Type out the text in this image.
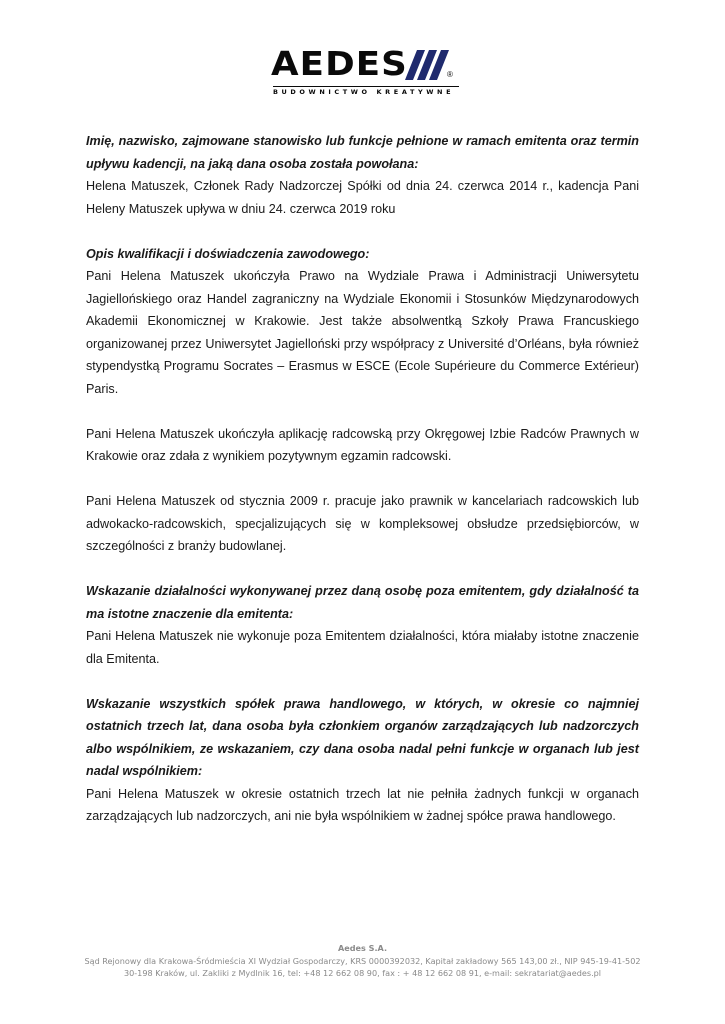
AEDES	®
BUDOWNICTWO KREATYWNE

Imię, nazwisko, zajmowane stanowisko lub funkcje pełnione w ramach emitenta oraz termin upływu kadencji, na jaką dana osoba została powołana:

Helena Matuszek, Członek Rady Nadzorczej Spółki od dnia 24. czerwca 2014 r., kadencja Pani Heleny Matuszek upływa w dniu 24. czerwca 2019 roku

Opis kwalifikacji i doświadczenia zawodowego:

Pani Helena Matuszek ukończyła Prawo na Wydziale Prawa i Administracji Uniwersytetu Jagiellońskiego oraz Handel zagraniczny na Wydziale Ekonomii i Stosunków Międzynarodowych Akademii Ekonomicznej w Krakowie. Jest także absolwentką Szkoły Prawa Francuskiego organizowanej przez Uniwersytet Jagielloński przy współpracy z Université d’Orléans, była również stypendystką Programu Socrates – Erasmus w ESCE (Ecole Supérieure du Commerce Extérieur) Paris.

Pani Helena Matuszek ukończyła aplikację radcowską przy Okręgowej Izbie Radców Prawnych w Krakowie oraz zdała z wynikiem pozytywnym egzamin radcowski.

Pani Helena Matuszek od stycznia 2009 r. pracuje jako prawnik w kancelariach radcowskich lub adwokacko-radcowskich, specjalizujących się w kompleksowej obsłudze przedsiębiorców, w szczególności z branży budowlanej.

Wskazanie działalności wykonywanej przez daną osobę poza emitentem, gdy działalność ta ma istotne znaczenie dla emitenta:

Pani Helena Matuszek nie wykonuje poza Emitentem działalności, która miałaby istotne znaczenie dla Emitenta.

Wskazanie wszystkich spółek prawa handlowego, w których, w okresie co najmniej ostatnich trzech lat, dana osoba była członkiem organów zarządzających lub nadzorczych albo wspólnikiem, ze wskazaniem, czy dana osoba nadal pełni funkcje w organach lub jest nadal wspólnikiem:

Pani Helena Matuszek w okresie ostatnich trzech lat nie pełniła żadnych funkcji w organach zarządzających lub nadzorczych, ani nie była wspólnikiem w żadnej spółce prawa handlowego.

Aedes S.A.
Sąd Rejonowy dla Krakowa-Śródmieścia XI Wydział Gospodarczy, KRS 0000392032, Kapitał zakładowy 565 143,00 zł., NIP 945-19-41-502
30-198 Kraków, ul. Zakliki z Mydlnik 16, tel: +48 12 662 08 90, fax : + 48 12 662 08 91, e-mail: sekratariat@aedes.pl
